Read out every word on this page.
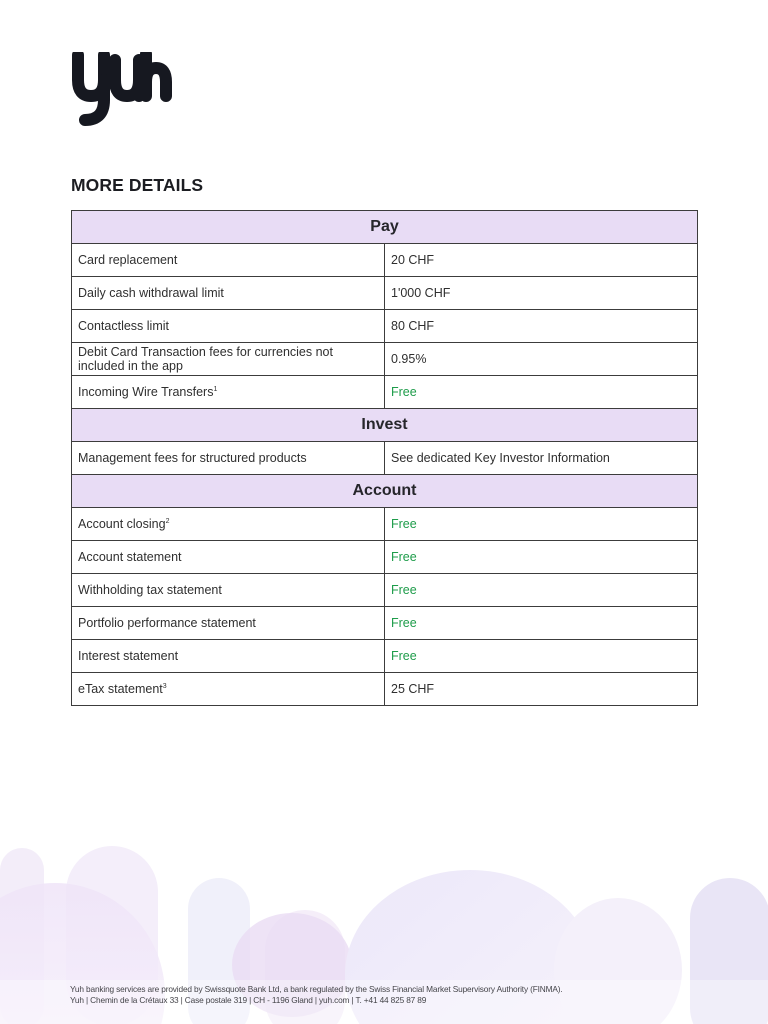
MORE DETAILS
Pay	
Card replacement	20 CHF
Daily cash withdrawal limit	1'000 CHF
Contactless limit	80 CHF
Debit Card Transaction fees for currencies not included in the app	0.95%
Incoming Wire Transfers$^1$	Free
Invest	
Management fees for structured products	See dedicated Key Investor Information
Account	
Account closing$^2$	Free
Account statement	Free
Withholding tax statement	Free
Portfolio performance statement	Free
Interest statement	Free
eTax statement$^3$	25 CHF
Yuh banking services are provided by Swissquote Bank Ltd, a bank regulated by the Swiss Financial Market Supervisory Authority (FINMA).
Yuh | Chemin de la Crétaux 33 | Case postale 319 | CH - 1196 Gland | yuh.com | T. +41 44 825 87 89
